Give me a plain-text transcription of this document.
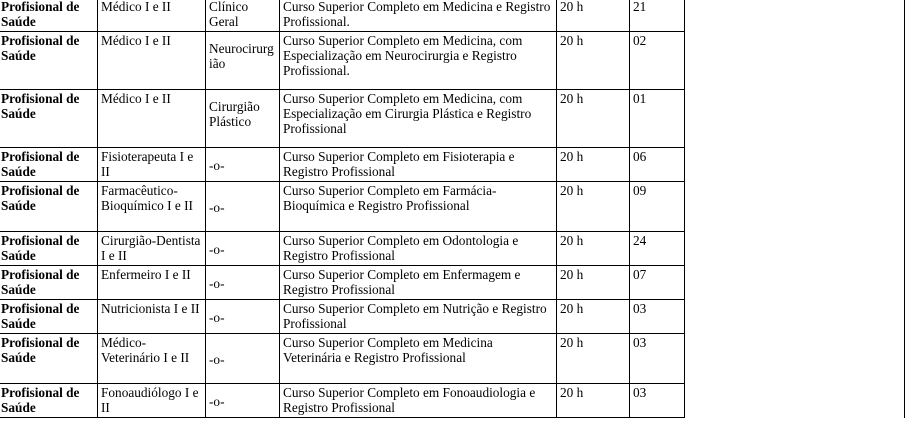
Profisional de Saúde	Médico I e II	Clínico Geral	Curso Superior Completo em Medicina e Registro Profissional.	20 h	21	
Profisional de Saúde	Médico I e II	Neurocirurgião	Curso Superior Completo em Medicina, com Especialização em Neurocirurgia e Registro Profissional.	20 h	02	
Profisional de Saúde	Médico I e II	Cirurgião Plástico	Curso Superior Completo em Medicina, com Especialização em Cirurgia Plástica e Registro Profissional	20 h	01	
Profisional de Saúde	Fisioterapeuta I e II	-o-	Curso Superior Completo em Fisioterapia e Registro Profissional	20 h	06	
Profisional de Saúde	Farmacêutico-Bioquímico I e II	-o-	Curso Superior Completo em Farmácia-Bioquímica e Registro Profissional	20 h	09	
Profisional de Saúde	Cirurgião-Dentista I e II	-o-	Curso Superior Completo em Odontologia e Registro Profissional	20 h	24	
Profisional de Saúde	Enfermeiro I e II	-o-	Curso Superior Completo em Enfermagem e Registro Profissional	20 h	07	
Profisional de Saúde	Nutricionista I e II	-o-	Curso Superior Completo em Nutrição e Registro Profissional	20 h	03	
Profisional de Saúde	Médico-Veterinário I e II	-o-	Curso Superior Completo em Medicina Veterinária e Registro Profissional	20 h	03	
Profisional de Saúde	Fonoaudiólogo I e II	-o-	Curso Superior Completo em Fonoaudiologia e Registro Profissional	20 h	03	
